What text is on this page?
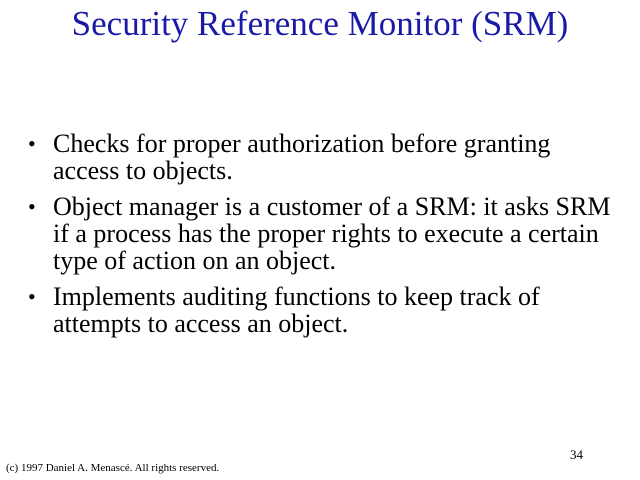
Security Reference Monitor (SRM)
• Checks for proper authorization before granting access to objects.
• Object manager is a customer of a SRM: it asks SRM if a process has the proper rights to execute a certain type of action on an object.
• Implements auditing functions to keep track of attempts to access an object.
34
(c) 1997 Daniel A. Menascé. All rights reserved.
